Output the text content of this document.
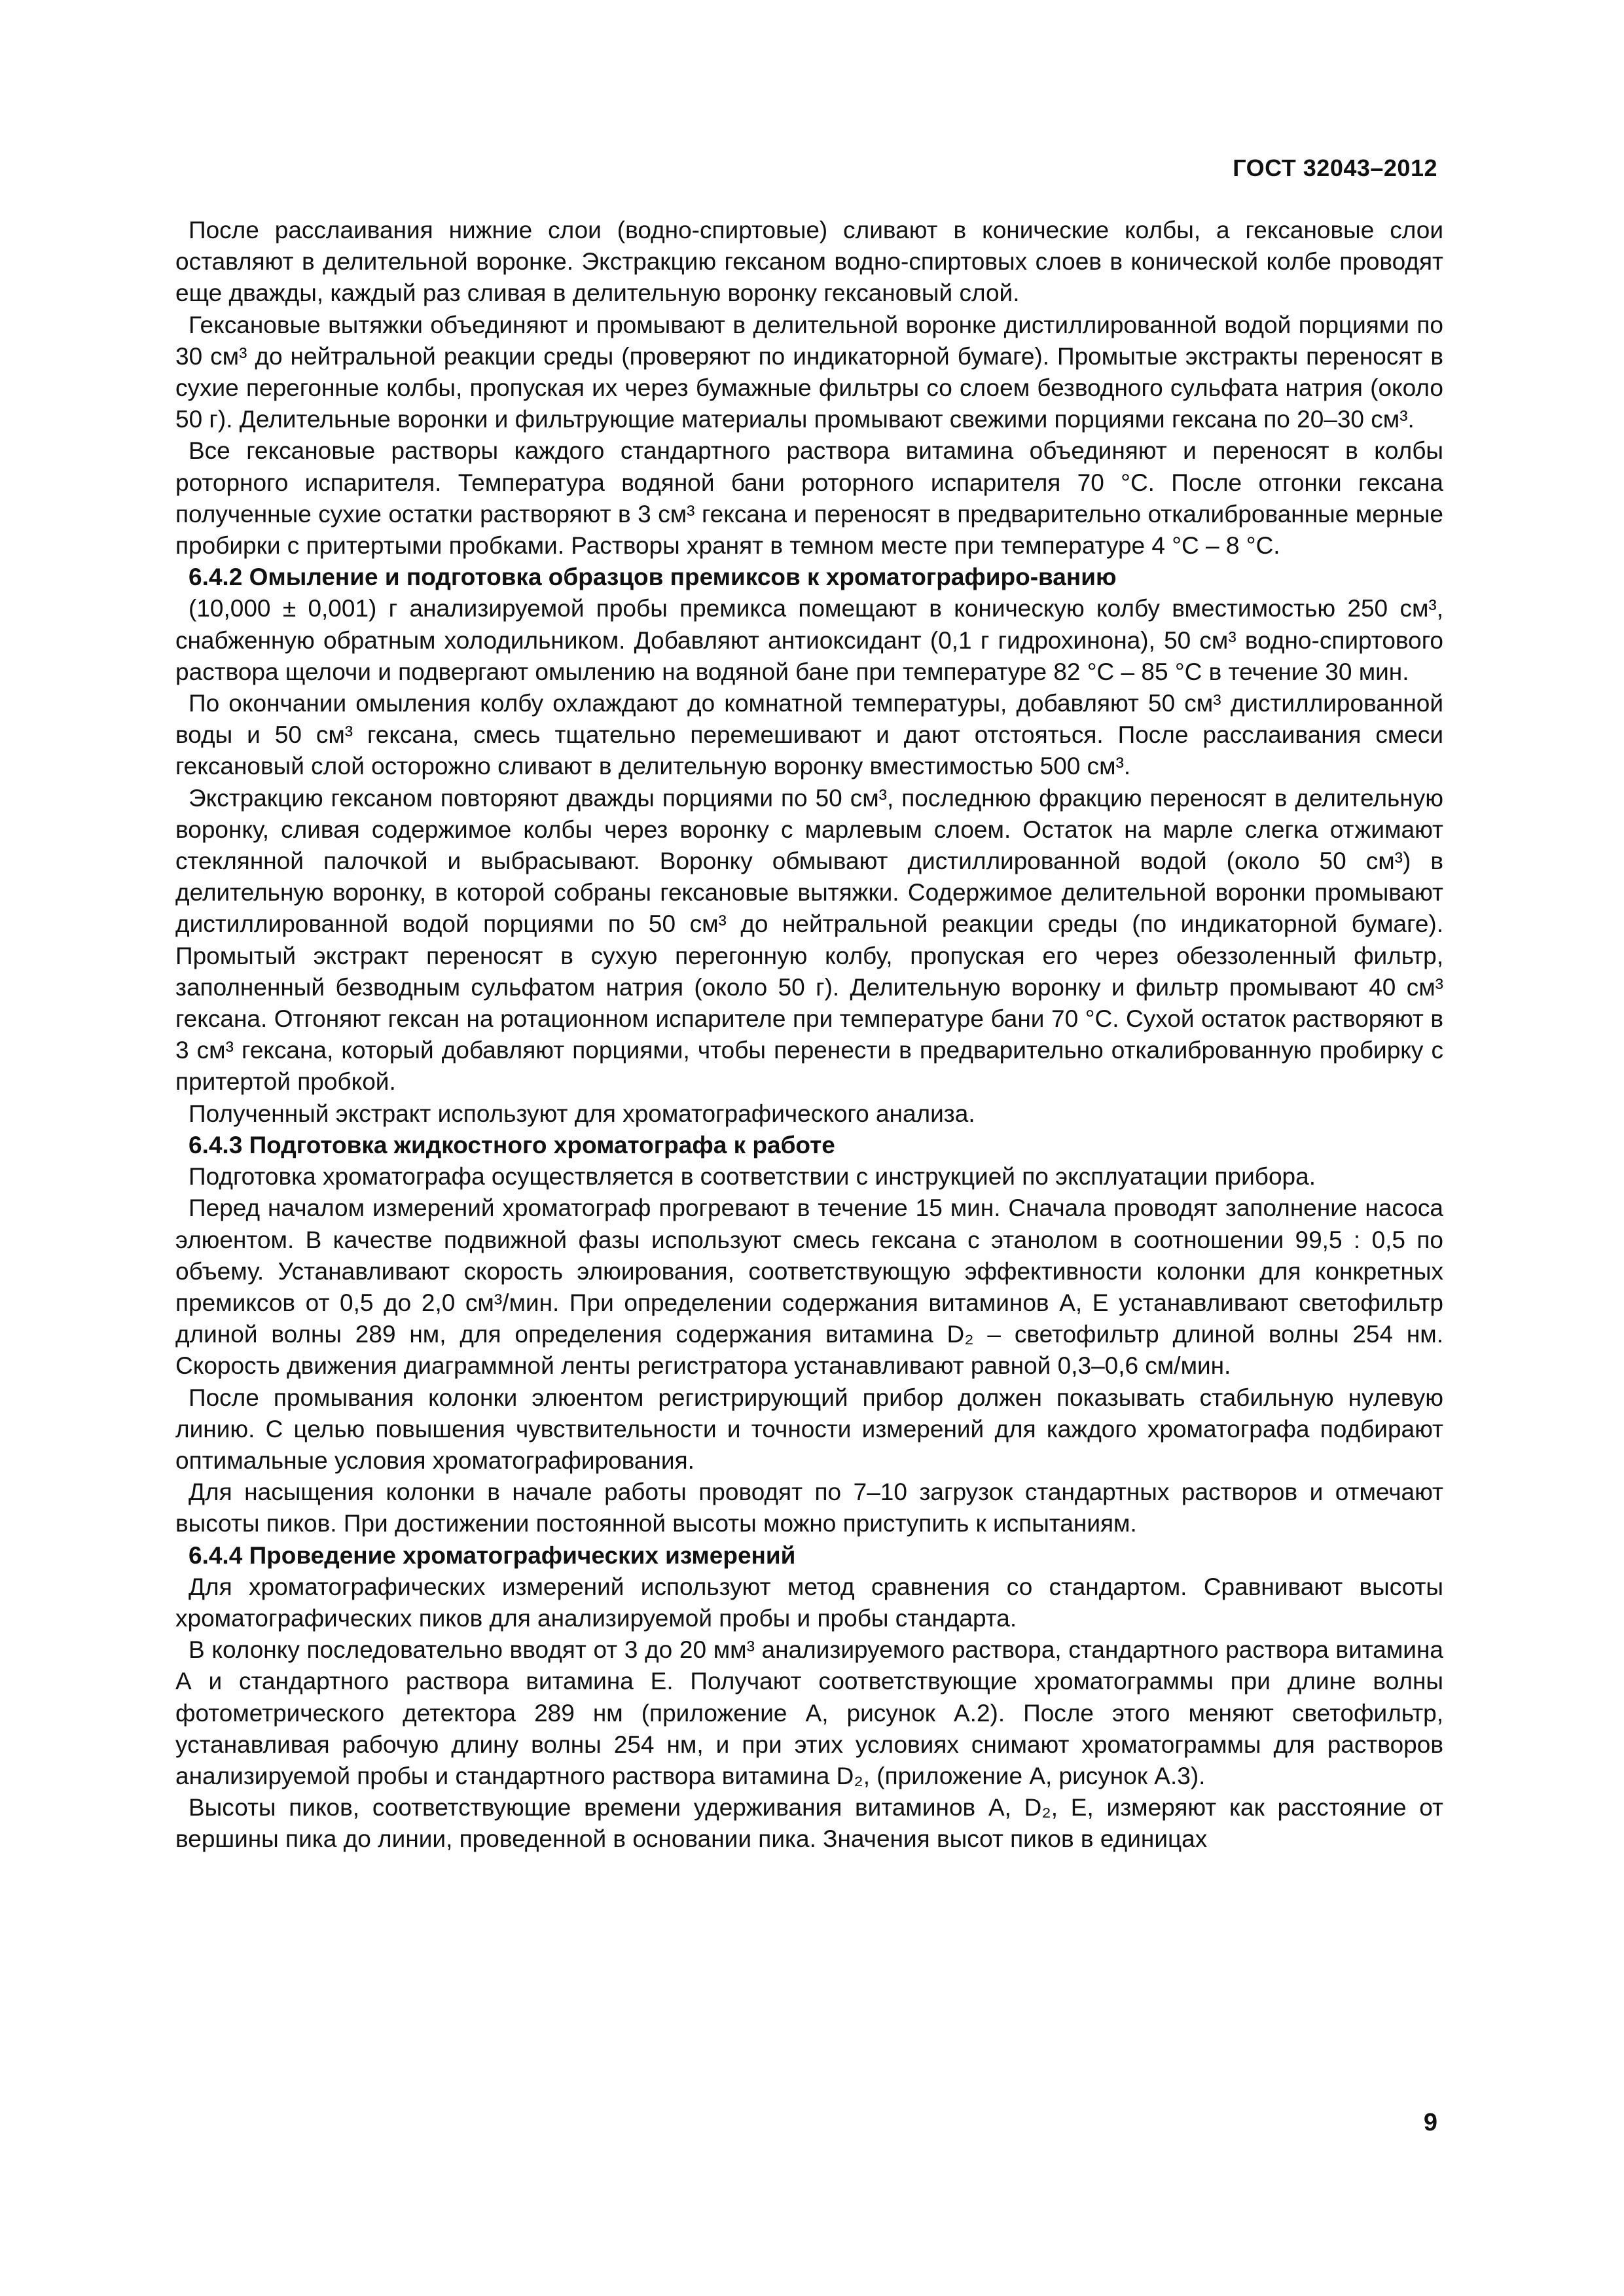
ГОСТ 32043–2012

После расслаивания нижние слои (водно-спиртовые) сливают в конические колбы, а гексановые слои оставляют в делительной воронке. Экстракцию гексаном водно-спиртовых слоев в конической колбе проводят еще дважды, каждый раз сливая в делительную воронку гексановый слой.

Гексановые вытяжки объединяют и промывают в делительной воронке дистиллированной водой порциями по 30 см³ до нейтральной реакции среды (проверяют по индикаторной бумаге). Промытые экстракты переносят в сухие перегонные колбы, пропуская их через бумажные фильтры со слоем безводного сульфата натрия (около 50 г). Делительные воронки и фильтрующие материалы промывают свежими порциями гексана по 20–30 см³.

Все гексановые растворы каждого стандартного раствора витамина объединяют и переносят в колбы роторного испарителя. Температура водяной бани роторного испарителя 70 °С. После отгонки гексана полученные сухие остатки растворяют в 3 см³ гексана и переносят в предварительно откалиброванные мерные пробирки с притертыми пробками. Растворы хранят в темном месте при температуре 4 °С – 8 °С.

6.4.2 Омыление и подготовка образцов премиксов к хроматографиро-ванию

(10,000 ± 0,001) г анализируемой пробы премикса помещают в коническую колбу вместимостью 250 см³, снабженную обратным холодильником. Добавляют антиоксидант (0,1 г гидрохинона), 50 см³ водно-спиртового раствора щелочи и подвергают омылению на водяной бане при температуре 82 °С – 85 °С в течение 30 мин.

По окончании омыления колбу охлаждают до комнатной температуры, добавляют 50 см³ дистиллированной воды и 50 см³ гексана, смесь тщательно перемешивают и дают отстояться. После расслаивания смеси гексановый слой осторожно сливают в делительную воронку вместимостью 500 см³.

Экстракцию гексаном повторяют дважды порциями по 50 см³, последнюю фракцию переносят в делительную воронку, сливая содержимое колбы через воронку с марлевым слоем. Остаток на марле слегка отжимают стеклянной палочкой и выбрасывают. Воронку обмывают дистиллированной водой (около 50 см³) в делительную воронку, в которой собраны гексановые вытяжки. Содержимое делительной воронки промывают дистиллированной водой порциями по 50 см³ до нейтральной реакции среды (по индикаторной бумаге). Промытый экстракт переносят в сухую перегонную колбу, пропуская его через обеззоленный фильтр, заполненный безводным сульфатом натрия (около 50 г). Делительную воронку и фильтр промывают 40 см³ гексана. Отгоняют гексан на ротационном испарителе при температуре бани 70 °С. Сухой остаток растворяют в 3 см³ гексана, который добавляют порциями, чтобы перенести в предварительно откалиброванную пробирку с притертой пробкой.

Полученный экстракт используют для хроматографического анализа.

6.4.3 Подготовка жидкостного хроматографа к работе

Подготовка хроматографа осуществляется в соответствии с инструкцией по эксплуатации прибора.

Перед началом измерений хроматограф прогревают в течение 15 мин. Сначала проводят заполнение насоса элюентом. В качестве подвижной фазы используют смесь гексана с этанолом в соотношении 99,5 : 0,5 по объему. Устанавливают скорость элюирования, соответствующую эффективности колонки для конкретных премиксов от 0,5 до 2,0 см³/мин. При определении содержания витаминов А, Е устанавливают светофильтр длиной волны 289 нм, для определения содержания витамина D₂ – светофильтр длиной волны 254 нм. Скорость движения диаграммной ленты регистратора устанавливают равной 0,3–0,6 см/мин.

После промывания колонки элюентом регистрирующий прибор должен показывать стабильную нулевую линию. С целью повышения чувствительности и точности измерений для каждого хроматографа подбирают оптимальные условия хроматографирования.

Для насыщения колонки в начале работы проводят по 7–10 загрузок стандартных растворов и отмечают высоты пиков. При достижении постоянной высоты можно приступить к испытаниям.

6.4.4 Проведение хроматографических измерений

Для хроматографических измерений используют метод сравнения со стандартом. Сравнивают высоты хроматографических пиков для анализируемой пробы и пробы стандарта.

В колонку последовательно вводят от 3 до 20 мм³ анализируемого раствора, стандартного раствора витамина А и стандартного раствора витамина Е. Получают соответствующие хроматограммы при длине волны фотометрического детектора 289 нм (приложение А, рисунок А.2). После этого меняют светофильтр, устанавливая рабочую длину волны 254 нм, и при этих условиях снимают хроматограммы для растворов анализируемой пробы и стандартного раствора витамина D₂, (приложение А, рисунок А.3).

Высоты пиков, соответствующие времени удерживания витаминов А, D₂, Е, измеряют как расстояние от вершины пика до линии, проведенной в основании пика. Значения высот пиков в единицах

9
